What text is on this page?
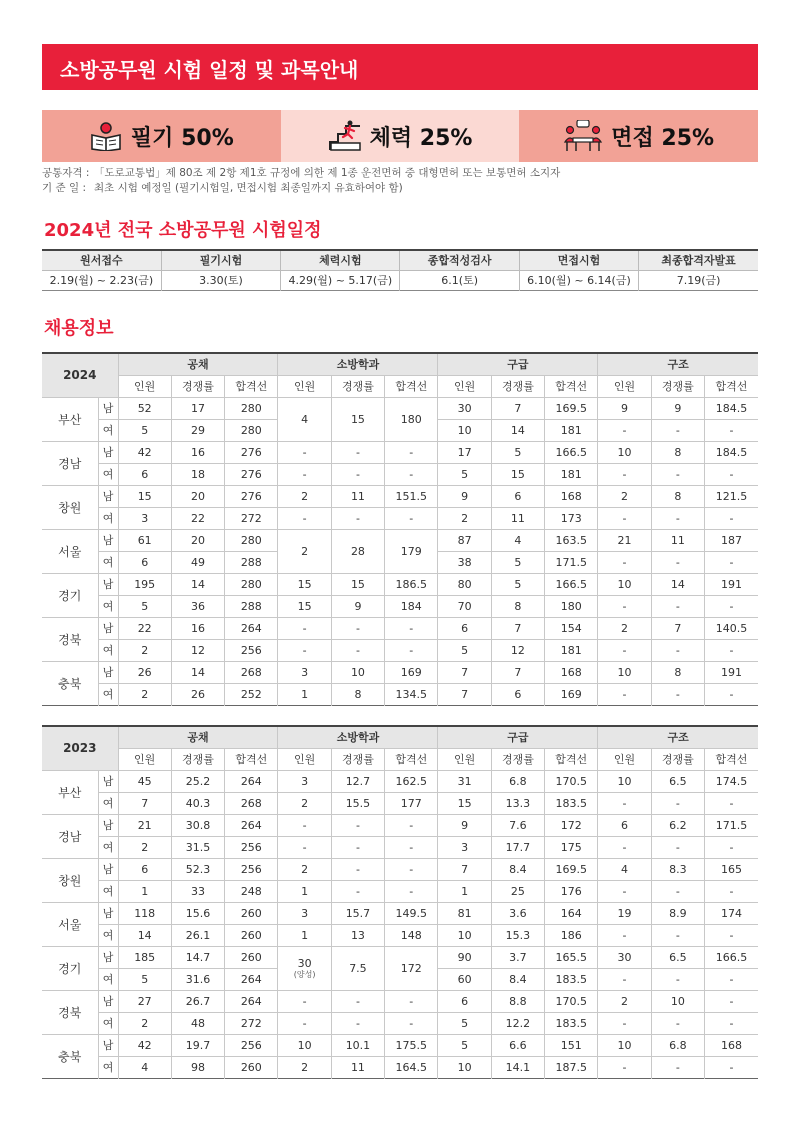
소방공무원 시험 일정 및 과목안내
필기 50%	체력 25%	면접 25%
공통자격 : 「도로교통법」제 80조 제 2항 제1호 규정에 의한 제 1종 운전면허 중 대형면허 또는 보통면허 소지자
기 준 일 : 최초 시험 예정일 (필기시험일, 면접시험 최종일까지 유효하여야 함)
2024년 전국 소방공무원 시험일정
원서접수	필기시험	체력시험	종합적성검사	면접시험	최종합격자발표
2.19(월) ~ 2.23(금)	3.30(토)	4.29(월) ~ 5.17(금)	6.1(토)	6.10(월) ~ 6.14(금)	7.19(금)
채용정보
2024		공채			소방학과			구급			구조		
		인원	경쟁률	합격선	인원	경쟁률	합격선	인원	경쟁률	합격선	인원	경쟁률	합격선
부산	남	52	17	280	4	15	180	30	7	169.5	9	9	184.5
	여	5	29	280				10	14	181	-	-	-
경남	남	42	16	276	-	-	-	17	5	166.5	10	8	184.5
	여	6	18	276	-	-	-	5	15	181	-	-	-
창원	남	15	20	276	2	11	151.5	9	6	168	2	8	121.5
	여	3	22	272	-	-	-	2	11	173	-	-	-
서울	남	61	20	280	2	28	179	87	4	163.5	21	11	187
	여	6	49	288				38	5	171.5	-	-	-
경기	남	195	14	280	15	15	186.5	80	5	166.5	10	14	191
	여	5	36	288	15	9	184	70	8	180	-	-	-
경북	남	22	16	264	-	-	-	6	7	154	2	7	140.5
	여	2	12	256	-	-	-	5	12	181	-	-	-
충북	남	26	14	268	3	10	169	7	7	168	10	8	191
	여	2	26	252	1	8	134.5	7	6	169	-	-	-
2023		공채			소방학과			구급			구조		
		인원	경쟁률	합격선	인원	경쟁률	합격선	인원	경쟁률	합격선	인원	경쟁률	합격선
부산	남	45	25.2	264	3	12.7	162.5	31	6.8	170.5	10	6.5	174.5
	여	7	40.3	268	2	15.5	177	15	13.3	183.5	-	-	-
경남	남	21	30.8	264	-	-	-	9	7.6	172	6	6.2	171.5
	여	2	31.5	256	-	-	-	3	17.7	175	-	-	-
창원	남	6	52.3	256	2	-	-	7	8.4	169.5	4	8.3	165
	여	1	33	248	1	-	-	1	25	176	-	-	-
서울	남	118	15.6	260	3	15.7	149.5	81	3.6	164	19	8.9	174
	여	14	26.1	260	1	13	148	10	15.3	186	-	-	-
경기	남	185	14.7	260	30
(양성)	7.5	172	90	3.7	165.5	30	6.5	166.5
	여	5	31.6	264				60	8.4	183.5	-	-	-
경북	남	27	26.7	264	-	-	-	6	8.8	170.5	2	10	-
	여	2	48	272	-	-	-	5	12.2	183.5	-	-	-
충북	남	42	19.7	256	10	10.1	175.5	5	6.6	151	10	6.8	168
	여	4	98	260	2	11	164.5	10	14.1	187.5	-	-	-
